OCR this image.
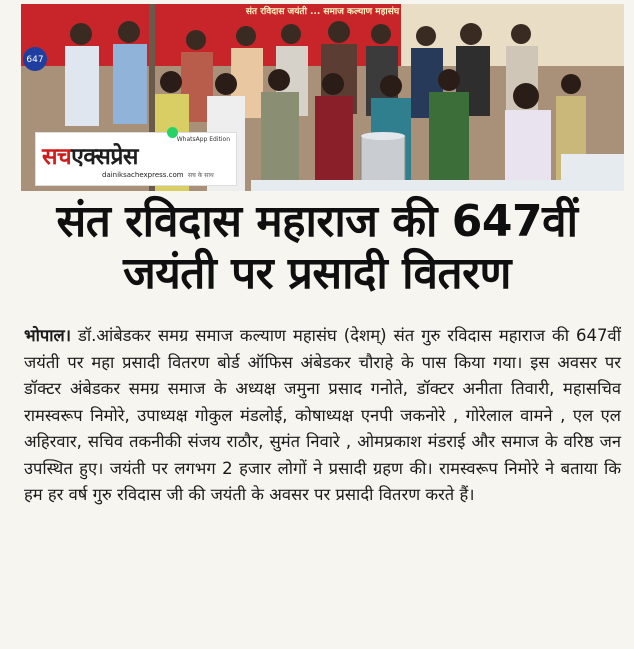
647
संत रविदास जयंती ... समाज कल्याण महासंघ
WhatsApp Edition
सचएक्सप्रेस
dainiksachexpress.com सच के साथ
संत रविदास महाराज की 647वीं
जयंती पर प्रसादी वितरण
भोपाल। डॉ.आंबेडकर समग्र समाज कल्याण महासंघ (देशम्) संत गुरु रविदास महाराज की 647वीं जयंती पर महा प्रसादी वितरण बोर्ड ऑफिस अंबेडकर चौराहे के पास किया गया। इस अवसर पर डॉक्टर अंबेडकर समग्र समाज के अध्यक्ष जमुना प्रसाद गनोते, डॉक्टर अनीता तिवारी, महासचिव रामस्वरूप निमोरे, उपाध्यक्ष गोकुल मंडलोई, कोषाध्यक्ष एनपी जकनोरे , गोरेलाल वामने , एल एल अहिरवार, सचिव तकनीकी संजय राठौर, सुमंत निवारे , ओमप्रकाश मंडराई और समाज के वरिष्ठ जन उपस्थित हुए। जयंती पर लगभग 2 हजार लोगों ने प्रसादी ग्रहण की। रामस्वरूप निमोरे ने बताया कि हम हर वर्ष गुरु रविदास जी की जयंती के अवसर पर प्रसादी वितरण करते हैं।
